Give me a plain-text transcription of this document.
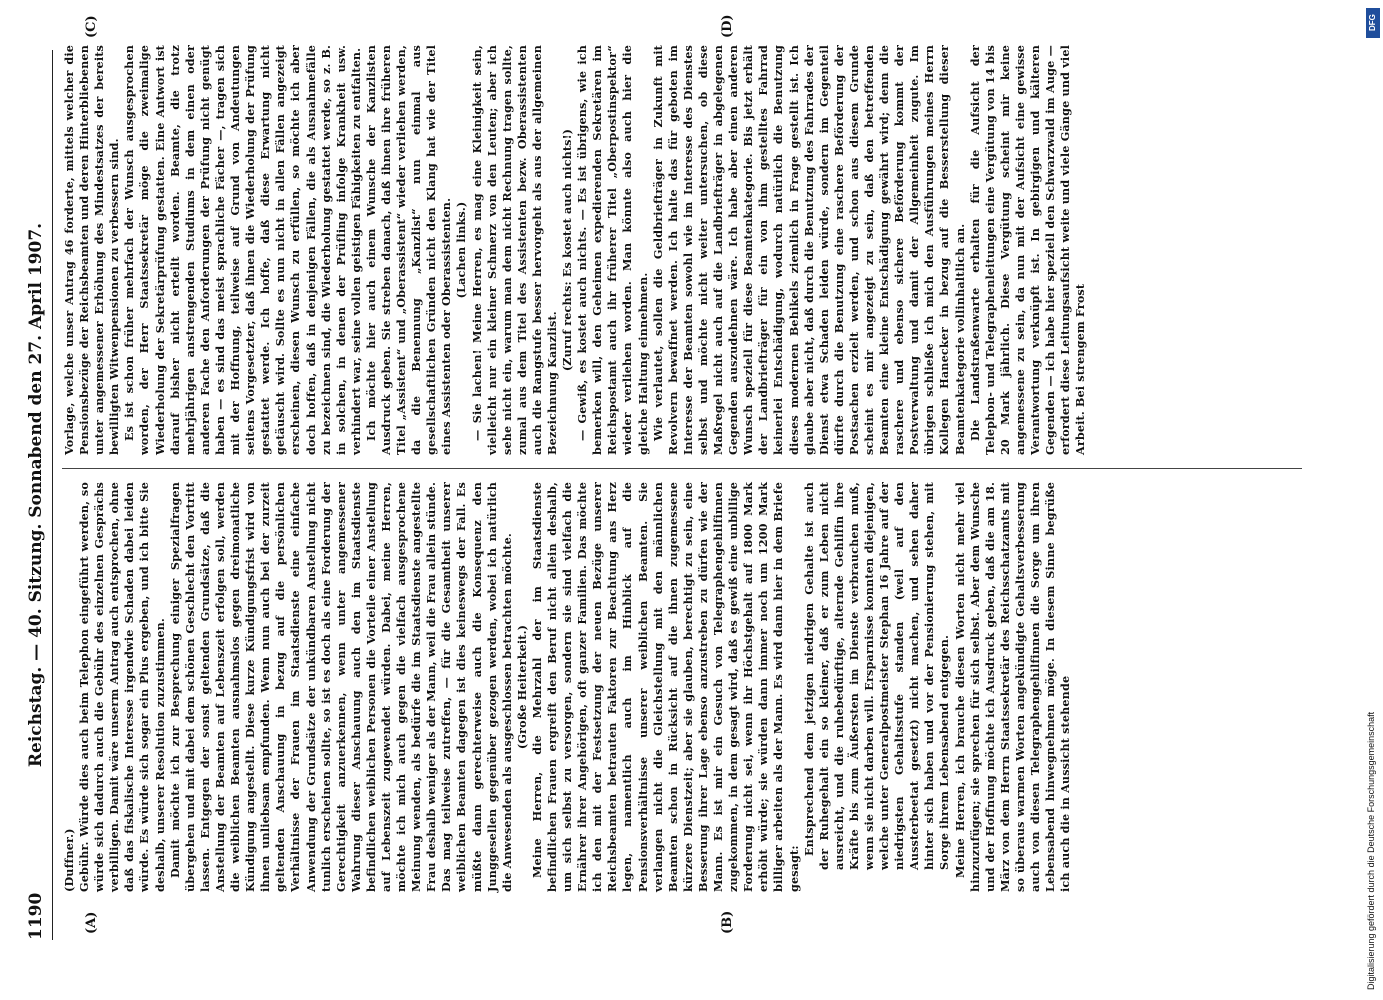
1190
Reichstag. — 40. Sitzung. Sonnabend den 27. April 1907.
(A)	(B)
(C)	(D)

(Duffner.) Gebühr. Würde dies auch beim Telephon eingeführt werden, so würde sich dadurch auch die Gebühr des einzelnen Gesprächs verbilligen. Damit wäre unserm Antrag auch entsprochen, ohne daß das fiskalische Interesse irgendwie Schaden dabei leiden würde. Es würde sich sogar ein Plus ergeben, und ich bitte Sie deshalb, unserer Resolution zuzustimmen. Damit möchte ich zur Besprechung einiger Spezialfragen übergehen und mit dabei dem schönen Geschlecht den Vortritt lassen. Entgegen der sonst geltenden Grundsätze, daß die Anstellung der Beamten auf Lebenszeit erfolgen soll, werden die weiblichen Beamten ausnahmslos gegen dreimonatliche Kündigung angestellt. Diese kurze Kündigungsfrist wird von ihnen unliebsam empfunden. Wenn nun auch bei der zurzeit geltenden Anschauung in bezug auf die persönlichen Verhältnisse der Frauen im Staatsdienste eine einfache Anwendung der Grundsätze der unkündbaren Anstellung nicht tunlich erscheinen sollte, so ist es doch als eine Forderung der Gerechtigkeit anzuerkennen, wenn unter angemessener Wahrung dieser Anschauung auch den im Staatsdienste befindlichen weiblichen Personen die Vorteile einer Anstellung auf Lebenszeit zugewendet würden. Dabei, meine Herren, möchte ich mich auch gegen die vielfach ausgesprochene Meinung wenden, als bedürfe die im Staatsdienste angestellte Frau deshalb weniger als der Mann, weil die Frau allein stünde. Das mag teilweise zutreffen, — für die Gesamtheit unserer weiblichen Beamten dagegen ist dies keineswegs der Fall. Es müßte dann gerechterweise auch die Konsequenz den Junggesellen gegenüber gezogen werden, wobei ich natürlich die Anwesenden als ausgeschlossen betrachten möchte. (Große Heiterkeit.) Meine Herren, die Mehrzahl der im Staatsdienste befindlichen Frauen ergreift den Beruf nicht allein deshalb, um sich selbst zu versorgen, sondern sie sind vielfach die Ernährer ihrer Angehörigen, oft ganzer Familien. Das möchte ich den mit der Festsetzung der neuen Bezüge unserer Reichsbeamten betrauten Faktoren zur Beachtung ans Herz legen, namentlich auch im Hinblick auf die Pensionsverhältnisse unserer weiblichen Beamten. Sie verlangen nicht die Gleichstellung mit den männlichen Beamten schon in Rücksicht auf die ihnen zugemessene kürzere Dienstzeit; aber sie glauben, berechtigt zu sein, eine Besserung ihrer Lage ebenso anzustreben zu dürfen wie der Mann. Es ist mir ein Gesuch von Telegraphengehilfinnen zugekommen, in dem gesagt wird, daß es gewiß eine unbillige Forderung nicht sei, wenn ihr Höchstgehalt auf 1800 Mark erhöht würde; sie würden dann immer noch um 1200 Mark billiger arbeiten als der Mann. Es wird dann hier in dem Briefe gesagt:

Entsprechend dem jetzigen niedrigen Gehalte ist auch der Ruhegehalt ein so kleiner, daß er zum Leben nicht ausreicht, und die ruhebedürftige, alternde Gehilfin ihre Kräfte bis zum Äußersten im Dienste verbrauchen muß, wenn sie nicht darben will. Ersparnisse konnten diejenigen, welche unter Generalpostmeister Stephan 16 Jahre auf der niedrigsten Gehaltsstufe standen (weil auf den Aussterbeetat gesetzt) nicht machen, und sehen daher hinter sich haben und vor der Pensionierung stehen, mit Sorge ihrem Lebensabend entgegen. Meine Herren, ich brauche diesen Worten nicht mehr viel hinzuzufügen; sie sprechen für sich selbst. Aber dem Wunsche und der Hoffnung möchte ich Ausdruck geben, daß die am 18. März von dem Herrn Staatssekretär des Reichsschatzamts mit so überaus warmen Worten angekündigte Gehaltsverbesserung auch von diesen Telegraphengehilfinnen die Sorge um ihren Lebensabend hinwegnehmen möge. In diesem Sinne begrüße ich auch die in Aussicht stehende

Vorlage, welche unser Antrag 46 forderte, mittels welcher die Pensionsbezüge der Reichsbeamten und deren Hinterbliebenen unter angemessener Erhöhung des Mindestsatzes der bereits bewilligten Witwenpensionen zu verbessern sind. Es ist schon früher mehrfach der Wunsch ausgesprochen worden, der Herr Staatssekretär möge die zweimalige Wiederholung der Sekretärprüfung gestatten. Eine Antwort ist darauf bisher nicht erteilt worden. Beamte, die trotz mehrjährigen anstrengenden Studiums in dem einen oder anderen Fache den Anforderungen der Prüfung nicht genügt haben — es sind das meist sprachliche Fächer —, tragen sich mit der Hoffnung, teilweise auf Grund von Andeutungen seitens Vorgesetzter, daß ihnen die Wiederholung der Prüfung gestattet werde. Ich hoffe, daß diese Erwartung nicht getäuscht wird. Sollte es nun nicht in allen Fällen angezeigt erscheinen, diesen Wunsch zu erfüllen, so möchte ich aber doch hoffen, daß in denjenigen Fällen, die als Ausnahmefälle zu bezeichnen sind, die Wiederholung gestattet werde, so z. B. in solchen, in denen der Prüfling infolge Krankheit usw. verhindert war, seine vollen geistigen Fähigkeiten zu entfalten. Ich möchte hier auch einem Wunsche der Kanzlisten Ausdruck geben. Sie streben danach, daß ihnen ihre früheren Titel „Assistent“ und „Oberassistent“ wieder verliehen werden, da die Benennung „Kanzlist“ nun einmal aus gesellschaftlichen Gründen nicht den Klang hat wie der Titel eines Assistenten oder Oberassistenten. (Lachen links.) — Sie lachen! Meine Herren, es mag eine Kleinigkeit sein, vielleicht nur ein kleiner Schmerz von den Leuten; aber ich sehe nicht ein, warum man dem nicht Rechnung tragen sollte, zumal aus dem Titel des Assistenten bezw. Oberassistenten auch die Rangstufe besser hervorgeht als aus der allgemeinen Bezeichnung Kanzlist.

(Zuruf rechts: Es kostet auch nichts!) — Gewiß, es kostet auch nichts. — Es ist übrigens, wie ich bemerken will, den Geheimen expedierenden Sekretären im Reichspostamt auch ihr früherer Titel „Oberpostinspektor“ wieder verliehen worden. Man könnte also auch hier die gleiche Haltung einnehmen. Wie verlautet, sollen die Geldbriefträger in Zukunft mit Revolvern bewaffnet werden. Ich halte das für geboten im Interesse der Beamten sowohl wie im Interesse des Dienstes selbst und möchte nicht weiter untersuchen, ob diese Maßregel nicht auch auf die Landbriefträger in abgelegenen Gegenden auszudehnen wäre. Ich habe aber einen anderen Wunsch speziell für diese Beamtenkategorie. Bis jetzt erhält der Landbriefträger für ein von ihm gestelltes Fahrrad keinerlei Entschädigung, wodurch natürlich die Benutzung dieses modernen Behikels ziemlich in Frage gestellt ist. Ich glaube aber nicht, daß durch die Benutzung des Fahrrades der Dienst etwa Schaden leiden würde, sondern im Gegenteil dürfte durch die Benutzung eine raschere Beförderung der Postsachen erzielt werden, und schon aus diesem Grunde scheint es mir angezeigt zu sein, daß den betreffenden Beamten eine kleine Entschädigung gewährt wird; denn die raschere und ebenso sichere Beförderung kommt der Postverwaltung und damit der Allgemeinheit zugute. Im übrigen schließe ich mich den Ausführungen meines Herrn Kollegen Hanecker in bezug auf die Besserstellung dieser Beamtenkategorie vollinhaltlich an. Die Landstraßenwarte erhalten für die Aufsicht der Telephon- und Telegraphenleitungen eine Vergütung von 14 bis 20 Mark jährlich. Diese Vergütung scheint mir keine angemessene zu sein, da nun mit der Aufsicht eine gewisse Verantwortung verknüpft ist. In gebirgigen und kälteren Gegenden — ich habe hier speziell den Schwarzwald im Auge — erfordert diese Leitungsaufsicht weite und viele Gänge und viel Arbeit. Bei strengem Frost

Digitalisierung gefördert durch die Deutsche Forschungsgemeinschaft
DFG
